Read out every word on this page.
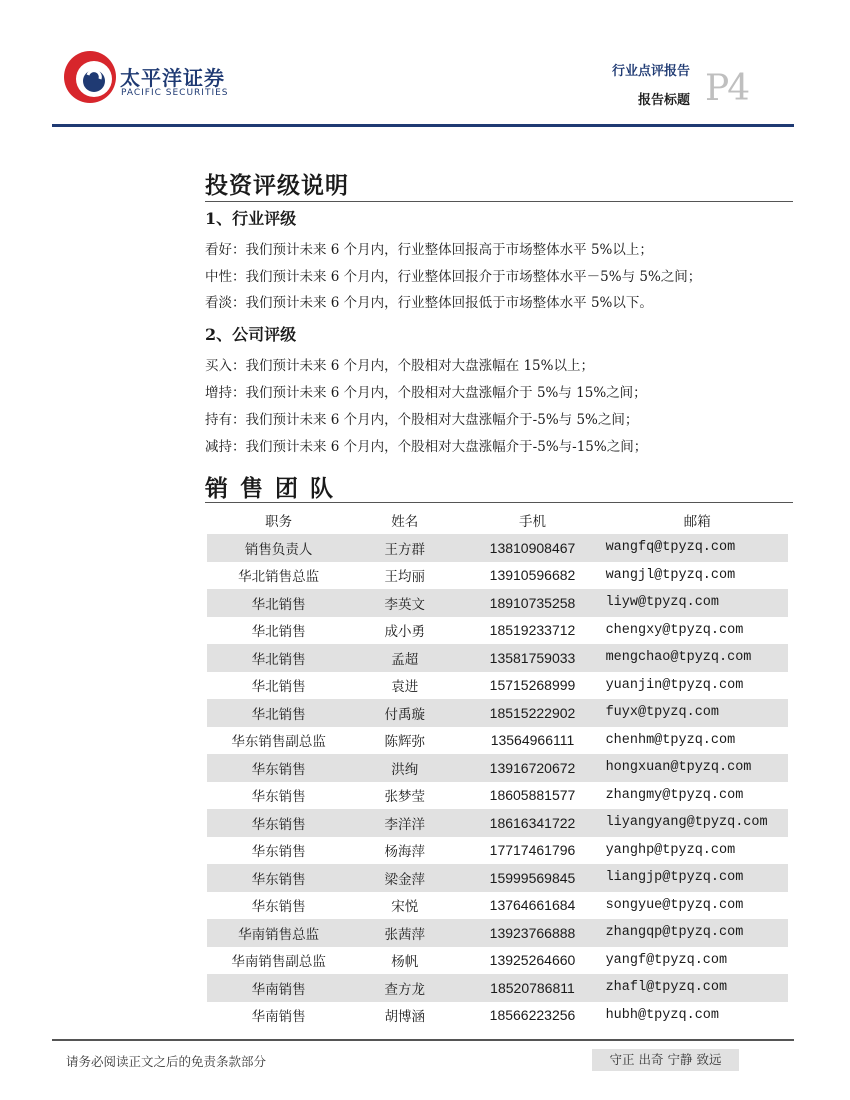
太平洋证券
PACIFIC SECURITIES
行业点评报告
报告标题 P4
投资评级说明
1、行业评级
看好：我们预计未来 6 个月内，行业整体回报高于市场整体水平 5%以上；
中性：我们预计未来 6 个月内，行业整体回报介于市场整体水平－5%与 5%之间；
看淡：我们预计未来 6 个月内，行业整体回报低于市场整体水平 5%以下。
2、公司评级
买入：我们预计未来 6 个月内，个股相对大盘涨幅在 15%以上；
增持：我们预计未来 6 个月内，个股相对大盘涨幅介于 5%与 15%之间；
持有：我们预计未来 6 个月内，个股相对大盘涨幅介于-5%与 5%之间；
减持：我们预计未来 6 个月内，个股相对大盘涨幅介于-5%与-15%之间；
销售团队
职务	姓名	手机	邮箱
销售负责人	王方群	13810908467	wangfq@tpyzq.com
华北销售总监	王均丽	13910596682	wangjl@tpyzq.com
华北销售	李英文	18910735258	liyw@tpyzq.com
华北销售	成小勇	18519233712	chengxy@tpyzq.com
华北销售	孟超	13581759033	mengchao@tpyzq.com
华北销售	袁进	15715268999	yuanjin@tpyzq.com
华北销售	付禹璇	18515222902	fuyx@tpyzq.com
华东销售副总监	陈辉弥	13564966111	chenhm@tpyzq.com
华东销售	洪绚	13916720672	hongxuan@tpyzq.com
华东销售	张梦莹	18605881577	zhangmy@tpyzq.com
华东销售	李洋洋	18616341722	liyangyang@tpyzq.com
华东销售	杨海萍	17717461796	yanghp@tpyzq.com
华东销售	梁金萍	15999569845	liangjp@tpyzq.com
华东销售	宋悦	13764661684	songyue@tpyzq.com
华南销售总监	张茜萍	13923766888	zhangqp@tpyzq.com
华南销售副总监	杨帆	13925264660	yangf@tpyzq.com
华南销售	查方龙	18520786811	zhafl@tpyzq.com
华南销售	胡博涵	18566223256	hubh@tpyzq.com
请务必阅读正文之后的免责条款部分	守正 出奇 宁静 致远
